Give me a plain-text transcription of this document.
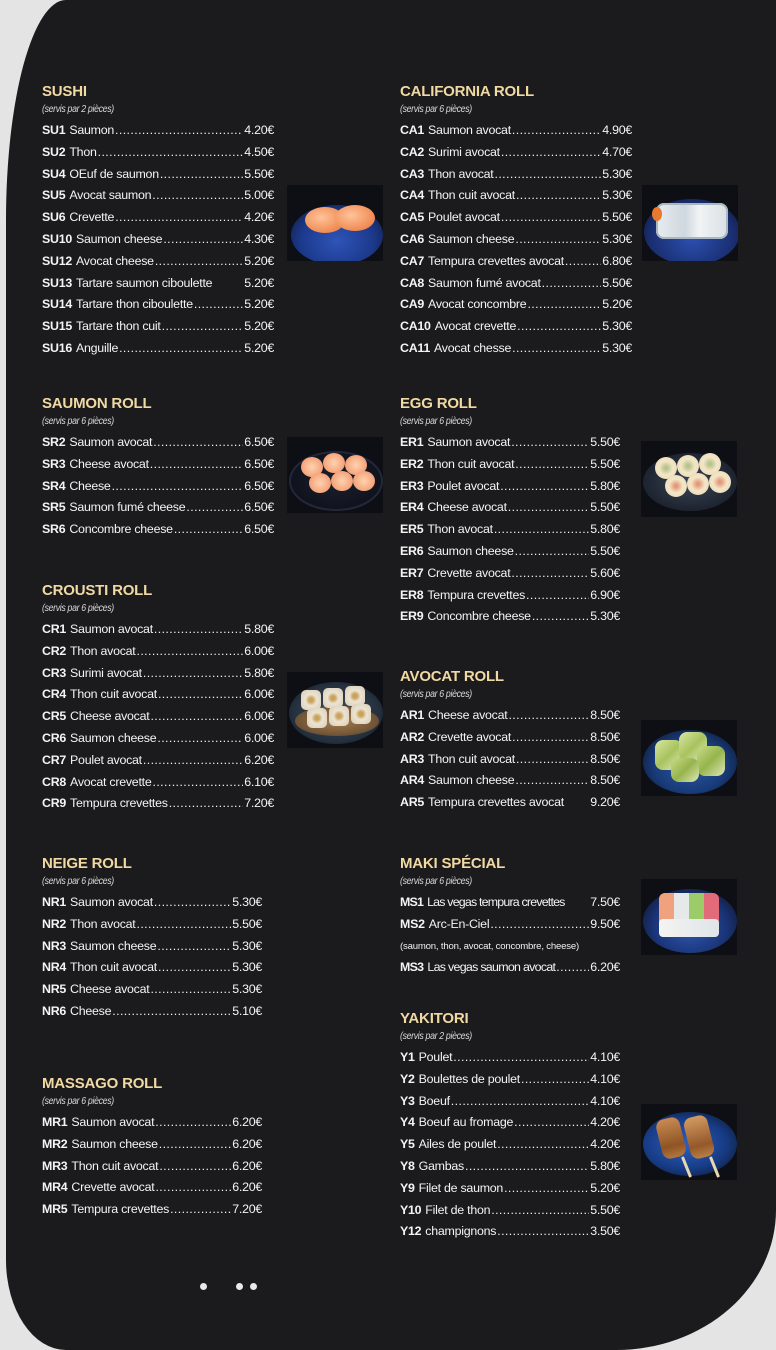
SUSHI
(servis par 2 pièces)
SU1 Saumon .....	4.20€
SU2 Thon .....	4.50€
SU4 OEuf de saumon .....	5.50€
SU5 Avocat saumon .....	5.00€
SU6 Crevette .....	4.20€
SU10 Saumon cheese .....	4.30€
SU12 Avocat cheese .....	5.20€
SU13 Tartare saumon ciboulette	5.20€
SU14 Tartare thon ciboulette .....	5.20€
SU15 Tartare thon cuit .....	5.20€
SU16 Anguille .....	5.20€
CALIFORNIA ROLL
(servis par 6 pièces)
CA1 Saumon avocat .....	4.90€
CA2 Surimi avocat .....	4.70€
CA3 Thon avocat .....	5.30€
CA4 Thon cuit avocat .....	5.30€
CA5 Poulet avocat .....	5.50€
CA6 Saumon cheese .....	5.30€
CA7 Tempura crevettes avocat .....	6.80€
CA8 Saumon fumé avocat .....	5.50€
CA9 Avocat concombre .....	5.20€
CA10 Avocat crevette .....	5.30€
CA11 Avocat chesse .....	5.30€
SAUMON ROLL
(servis par 6 pièces)
SR2 Saumon avocat .....	6.50€
SR3 Cheese avocat .....	6.50€
SR4 Cheese .....	6.50€
SR5 Saumon fumé cheese .....	6.50€
SR6 Concombre cheese .....	6.50€
EGG ROLL
(servis par 6 pièces)
ER1 Saumon avocat .....	5.50€
ER2 Thon cuit avocat .....	5.50€
ER3 Poulet avocat .....	5.80€
ER4 Cheese avocat .....	5.50€
ER5 Thon avocat .....	5.80€
ER6 Saumon cheese .....	5.50€
ER7 Crevette avocat .....	5.60€
ER8 Tempura crevettes .....	6.90€
ER9 Concombre cheese .....	5.30€
CROUSTI ROLL
(servis par 6 pièces)
CR1 Saumon avocat .....	5.80€
CR2 Thon avocat .....	6.00€
CR3 Surimi avocat .....	5.80€
CR4 Thon cuit avocat .....	6.00€
CR5 Cheese avocat .....	6.00€
CR6 Saumon cheese .....	6.00€
CR7 Poulet avocat .....	6.20€
CR8 Avocat crevette .....	6.10€
CR9 Tempura crevettes .....	7.20€
AVOCAT ROLL
(servis par 6 pièces)
AR1 Cheese avocat .....	8.50€
AR2 Crevette avocat .....	8.50€
AR3 Thon cuit avocat .....	8.50€
AR4 Saumon cheese .....	8.50€
AR5 Tempura crevettes avocat 9.20€
NEIGE ROLL
(servis par 6 pièces)
NR1 Saumon avocat .....	5.30€
NR2 Thon avocat .....	5.50€
NR3 Saumon cheese .....	5.30€
NR4 Thon cuit avocat .....	5.30€
NR5 Cheese avocat .....	5.30€
NR6 Cheese .....	5.10€
MAKI SPÉCIAL
(servis par 6 pièces)
MS1 Las vegas tempura crevettes 7.50€
MS2 Arc-En-Ciel .....	9.50€
(saumon, thon, avocat, concombre, cheese)
MS3 Las vegas saumon avocat .....	6.20€
YAKITORI
(servis par 2 pièces)
Y1 Poulet .....	4.10€
Y2 Boulettes de poulet .....	4.10€
Y3 Boeuf .....	4.10€
Y4 Boeuf au fromage .....	4.20€
Y5 Ailes de poulet .....	4.20€
Y8 Gambas .....	5.80€
Y9 Filet de saumon .....	5.20€
Y10 Filet de thon .....	5.50€
Y12 champignons .....	3.50€
MASSAGO ROLL
(servis par 6 pièces)
MR1 Saumon avocat .....	6.20€
MR2 Saumon cheese .....	6.20€
MR3 Thon cuit avocat .....	6.20€
MR4 Crevette avocat .....	6.20€
MR5 Tempura crevettes .....	7.20€
